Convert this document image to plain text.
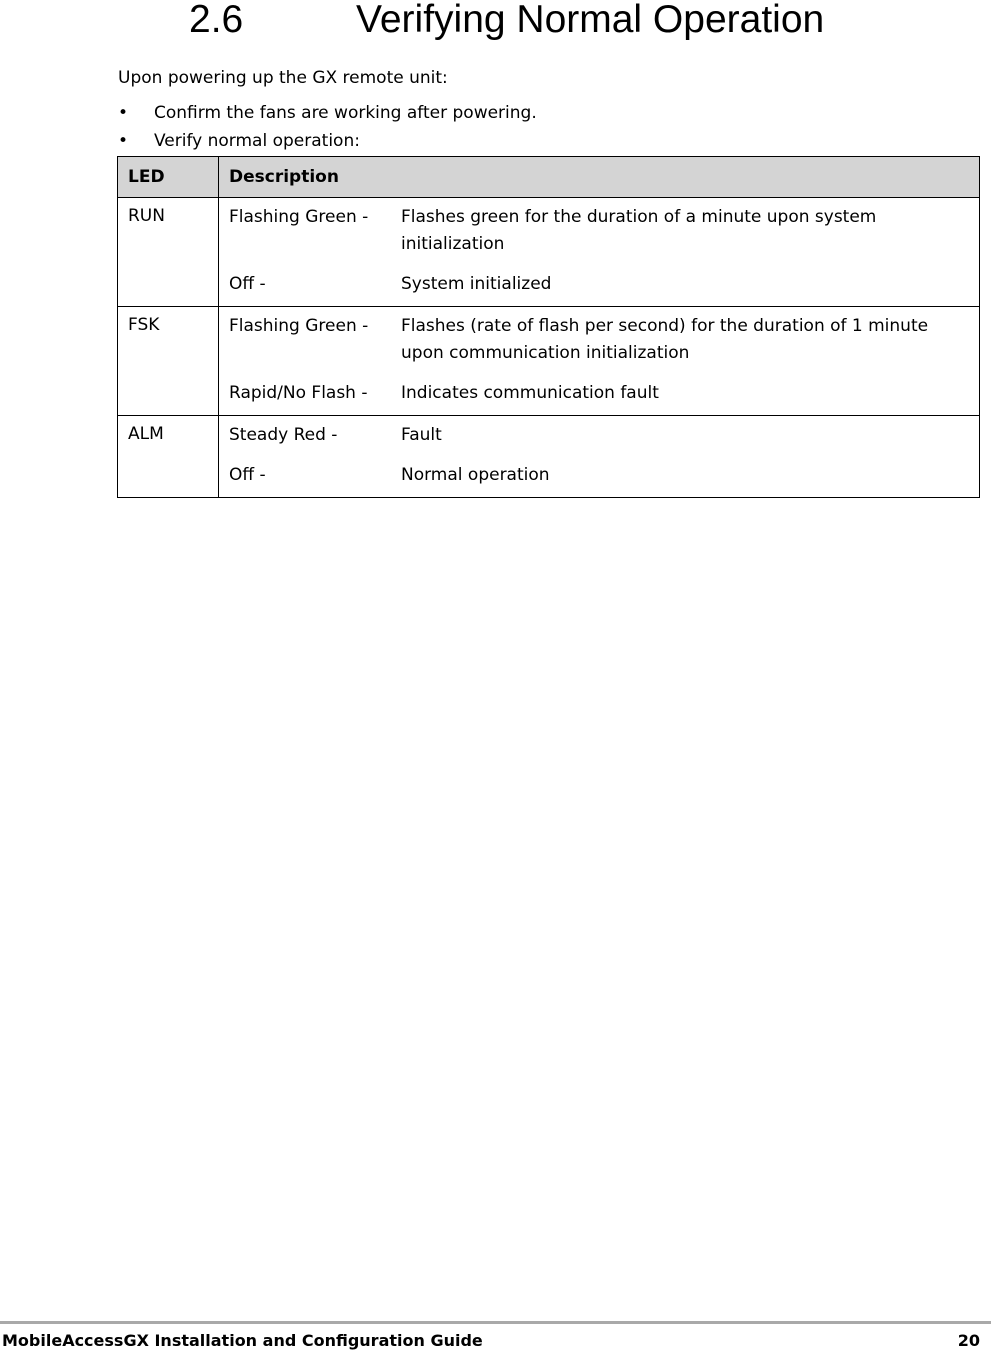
2.6	Verifying Normal Operation

Upon powering up the GX remote unit:

• Confirm the fans are working after powering.
• Verify normal operation:
LED	Description
RUN	Flashing Green - Flashes green for the duration of a minute upon system initialization
Off - System initialized

FSK	Flashing Green - Flashes (rate of flash per second) for the duration of 1 minute upon communication initialization
Rapid/No Flash - Indicates communication fault

ALM	Steady Red - Fault
Off - Normal operation
MobileAccessGX Installation and Configuration Guide	20
